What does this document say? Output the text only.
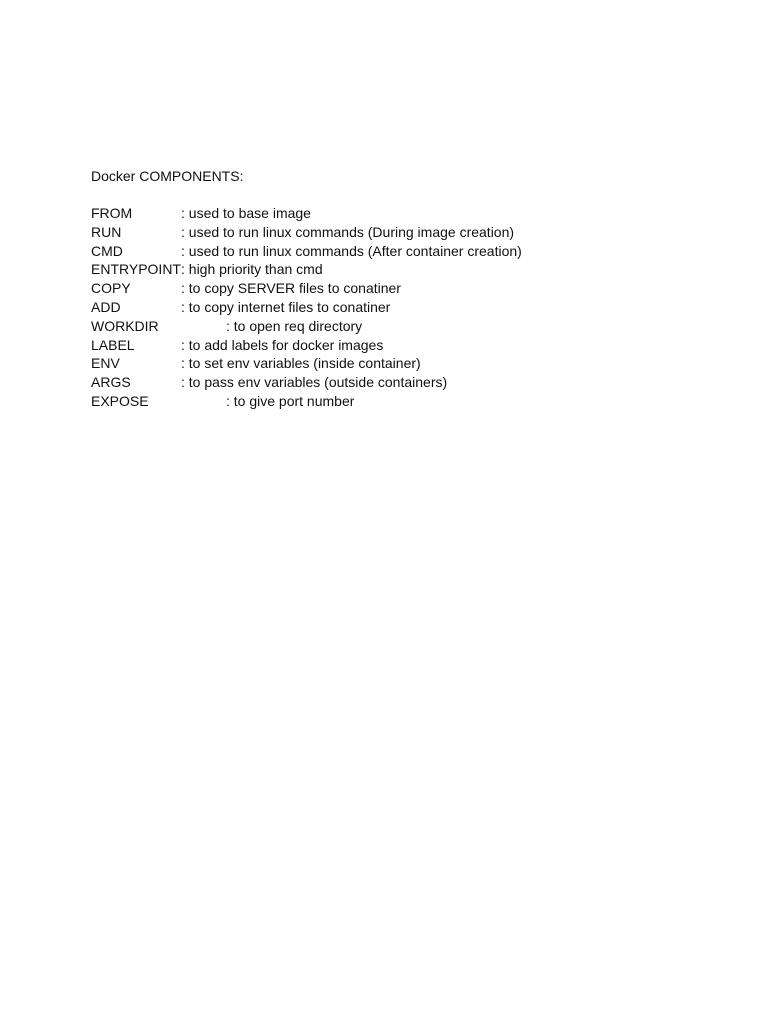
Docker COMPONENTS:
FROM	: used to base image
RUN	: used to run linux commands (During image creation)
CMD	: used to run linux commands (After container creation)
ENTRYPOINT : high priority than cmd
COPY	: to copy SERVER files to conatiner
ADD	: to copy internet files to conatiner
WORKDIR	: to open req directory
LABEL	: to add labels for docker images
ENV	: to set env variables (inside container)
ARGS	: to pass env variables (outside containers)
EXPOSE	: to give port number
